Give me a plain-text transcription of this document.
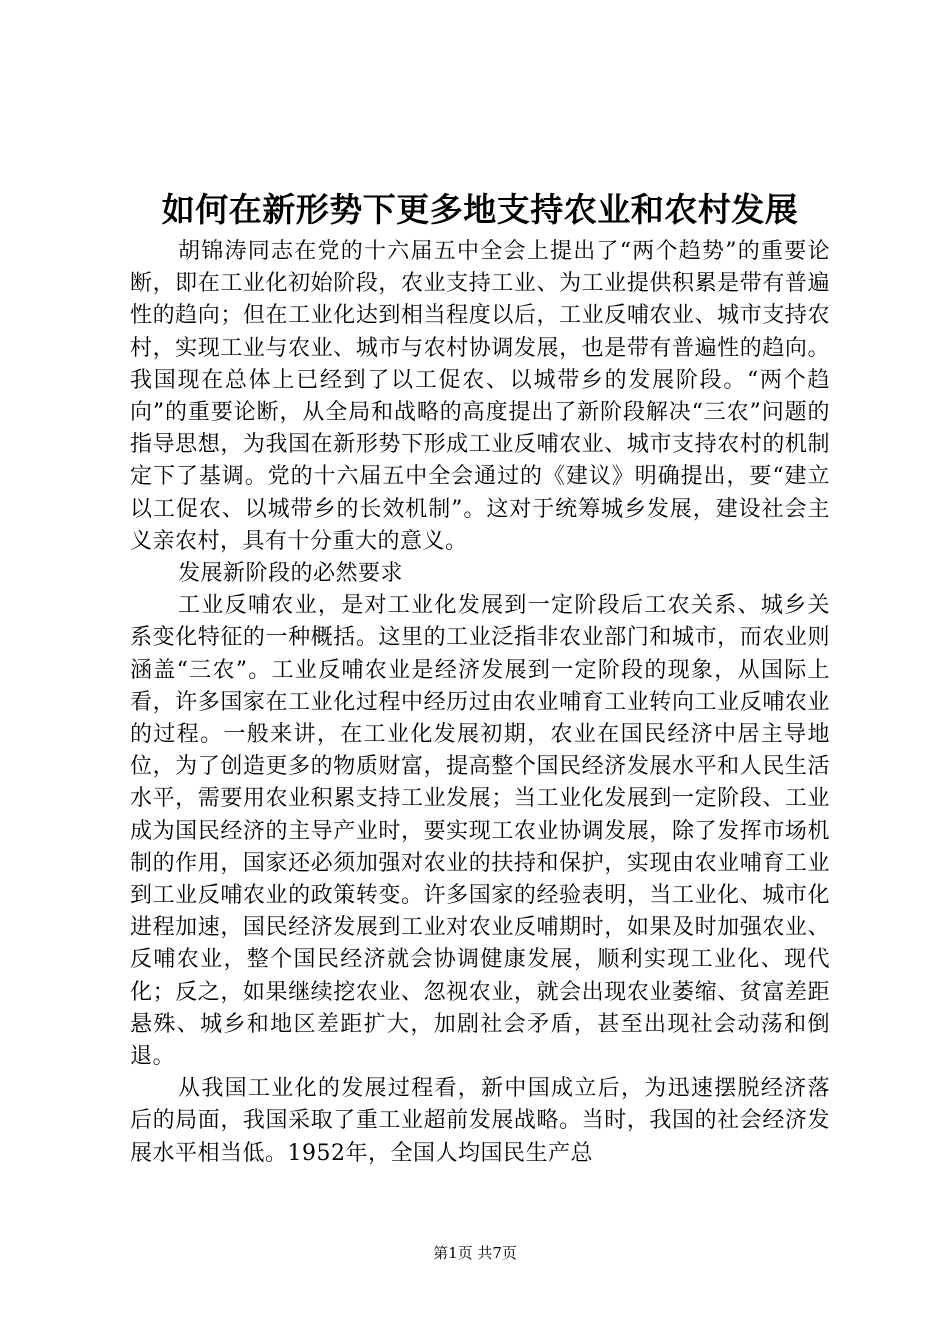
如何在新形势下更多地支持农业和农村发展

胡锦涛同志在党的十六届五中全会上提出了“两个趋势”的重要论断，即在工业化初始阶段，农业支持工业、为工业提供积累是带有普遍性的趋向；但在工业化达到相当程度以后，工业反哺农业、城市支持农村，实现工业与农业、城市与农村协调发展，也是带有普遍性的趋向。我国现在总体上已经到了以工促农、以城带乡的发展阶段。“两个趋向”的重要论断，从全局和战略的高度提出了新阶段解决“三农”问题的指导思想，为我国在新形势下形成工业反哺农业、城市支持农村的机制定下了基调。党的十六届五中全会通过的《建议》明确提出，要“建立以工促农、以城带乡的长效机制”。这对于统筹城乡发展，建设社会主义亲农村，具有十分重大的意义。

发展新阶段的必然要求

工业反哺农业，是对工业化发展到一定阶段后工农关系、城乡关系变化特征的一种概括。这里的工业泛指非农业部门和城市，而农业则涵盖“三农”。工业反哺农业是经济发展到一定阶段的现象，从国际上看，许多国家在工业化过程中经历过由农业哺育工业转向工业反哺农业的过程。一般来讲，在工业化发展初期，农业在国民经济中居主导地位，为了创造更多的物质财富，提高整个国民经济发展水平和人民生活水平，需要用农业积累支持工业发展；当工业化发展到一定阶段、工业成为国民经济的主导产业时，要实现工农业协调发展，除了发挥市场机制的作用，国家还必须加强对农业的扶持和保护，实现由农业哺育工业到工业反哺农业的政策转变。许多国家的经验表明，当工业化、城市化进程加速，国民经济发展到工业对农业反哺期时，如果及时加强农业、反哺农业，整个国民经济就会协调健康发展，顺利实现工业化、现代化；反之，如果继续挖农业、忽视农业，就会出现农业萎缩、贫富差距悬殊、城乡和地区差距扩大，加剧社会矛盾，甚至出现社会动荡和倒退。

从我国工业化的发展过程看，新中国成立后，为迅速摆脱经济落后的局面，我国采取了重工业超前发展战略。当时，我国的社会经济发展水平相当低。1952年，全国人均国民生产总

第1页 共7页
